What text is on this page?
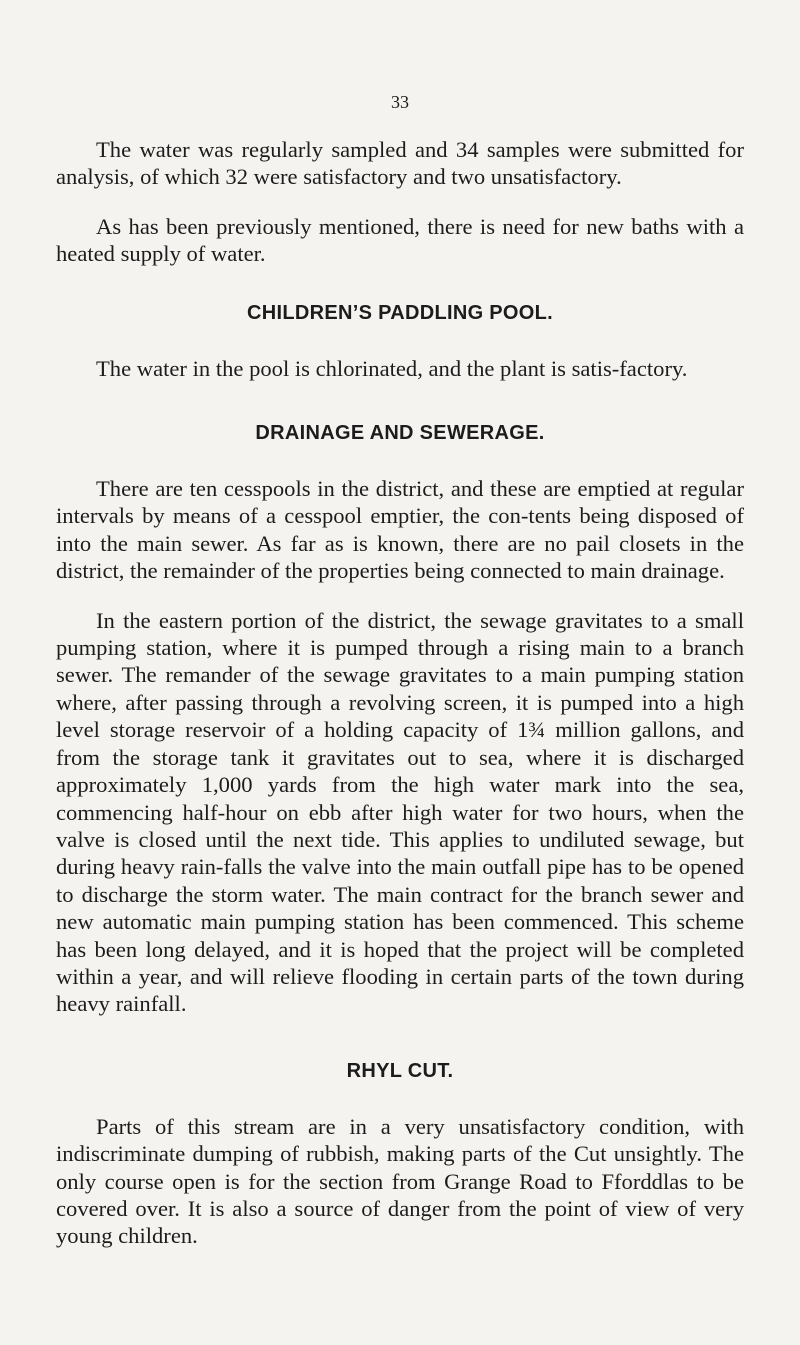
33

The water was regularly sampled and 34 samples were submitted for analysis, of which 32 were satisfactory and two unsatisfactory.

As has been previously mentioned, there is need for new baths with a heated supply of water.

CHILDREN’S PADDLING POOL.

The water in the pool is chlorinated, and the plant is satis-factory.

DRAINAGE AND SEWERAGE.

There are ten cesspools in the district, and these are emptied at regular intervals by means of a cesspool emptier, the con-tents being disposed of into the main sewer. As far as is known, there are no pail closets in the district, the remainder of the properties being connected to main drainage.

In the eastern portion of the district, the sewage gravitates to a small pumping station, where it is pumped through a rising main to a branch sewer. The remander of the sewage gravitates to a main pumping station where, after passing through a revolving screen, it is pumped into a high level storage reservoir of a holding capacity of 1¾ million gallons, and from the storage tank it gravitates out to sea, where it is discharged approximately 1,000 yards from the high water mark into the sea, commencing half-hour on ebb after high water for two hours, when the valve is closed until the next tide. This applies to undiluted sewage, but during heavy rain-falls the valve into the main outfall pipe has to be opened to discharge the storm water. The main contract for the branch sewer and new automatic main pumping station has been commenced. This scheme has been long delayed, and it is hoped that the project will be completed within a year, and will relieve flooding in certain parts of the town during heavy rainfall.

RHYL CUT.

Parts of this stream are in a very unsatisfactory condition, with indiscriminate dumping of rubbish, making parts of the Cut unsightly. The only course open is for the section from Grange Road to Fforddlas to be covered over. It is also a source of danger from the point of view of very young children.
